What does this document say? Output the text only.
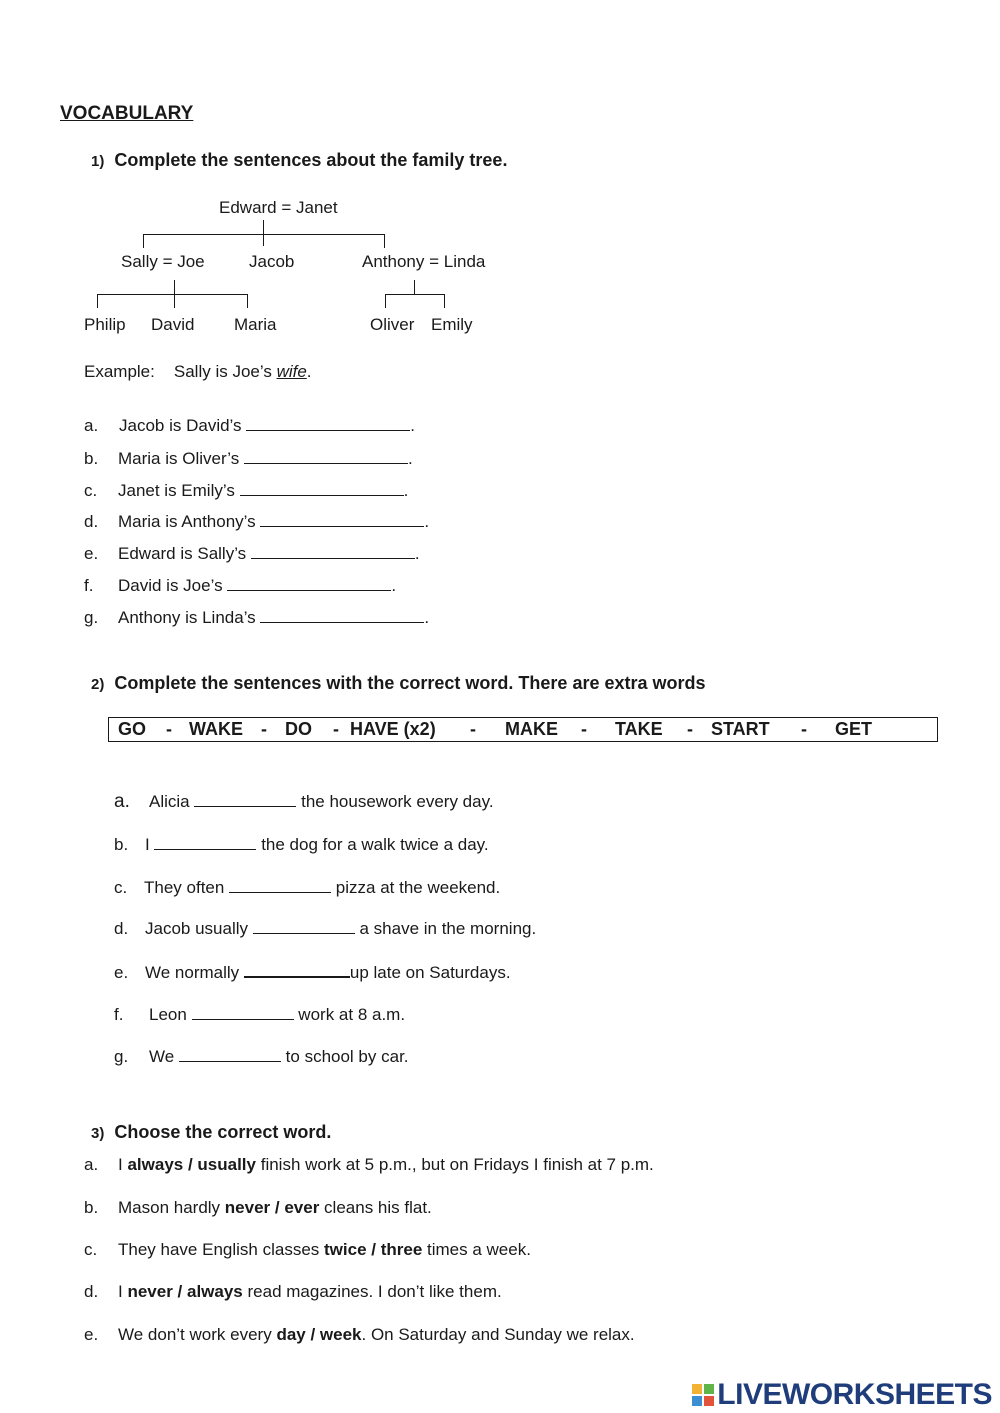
VOCABULARY
1) Complete the sentences about the family tree.
Edward = Janet
Sally = Joe	Jacob	Anthony = Linda
Philip David Maria	Oliver Emily
Example: Sally is Joe’s wife.
a. Jacob is David’s	.
b. Maria is Oliver’s	.
c. Janet is Emily’s	.
d. Maria is Anthony’s	.
e. Edward is Sally’s	.
f. David is Joe’s	.
g. Anthony is Linda’s	.
2) Complete the sentences with the correct word. There are extra words
GO - WAKE - DO - HAVE (x2) - MAKE - TAKE - START - GET
a. Alicia	the housework every day.
b. I	the dog for a walk twice a day.
c. They often	pizza at the weekend.
d. Jacob usually	a shave in the morning.
e. We normally	up late on Saturdays.
f. Leon	work at 8 a.m.
g. We	to school by car.
3) Choose the correct word.
a. I always / usually finish work at 5 p.m., but on Fridays I finish at 7 p.m.
b. Mason hardly never / ever cleans his flat.
c. They have English classes twice / three times a week.
d. I never / always read magazines. I don’t like them.
e. We don’t work every day / week. On Saturday and Sunday we relax.
LIVEWORKSHEETS
